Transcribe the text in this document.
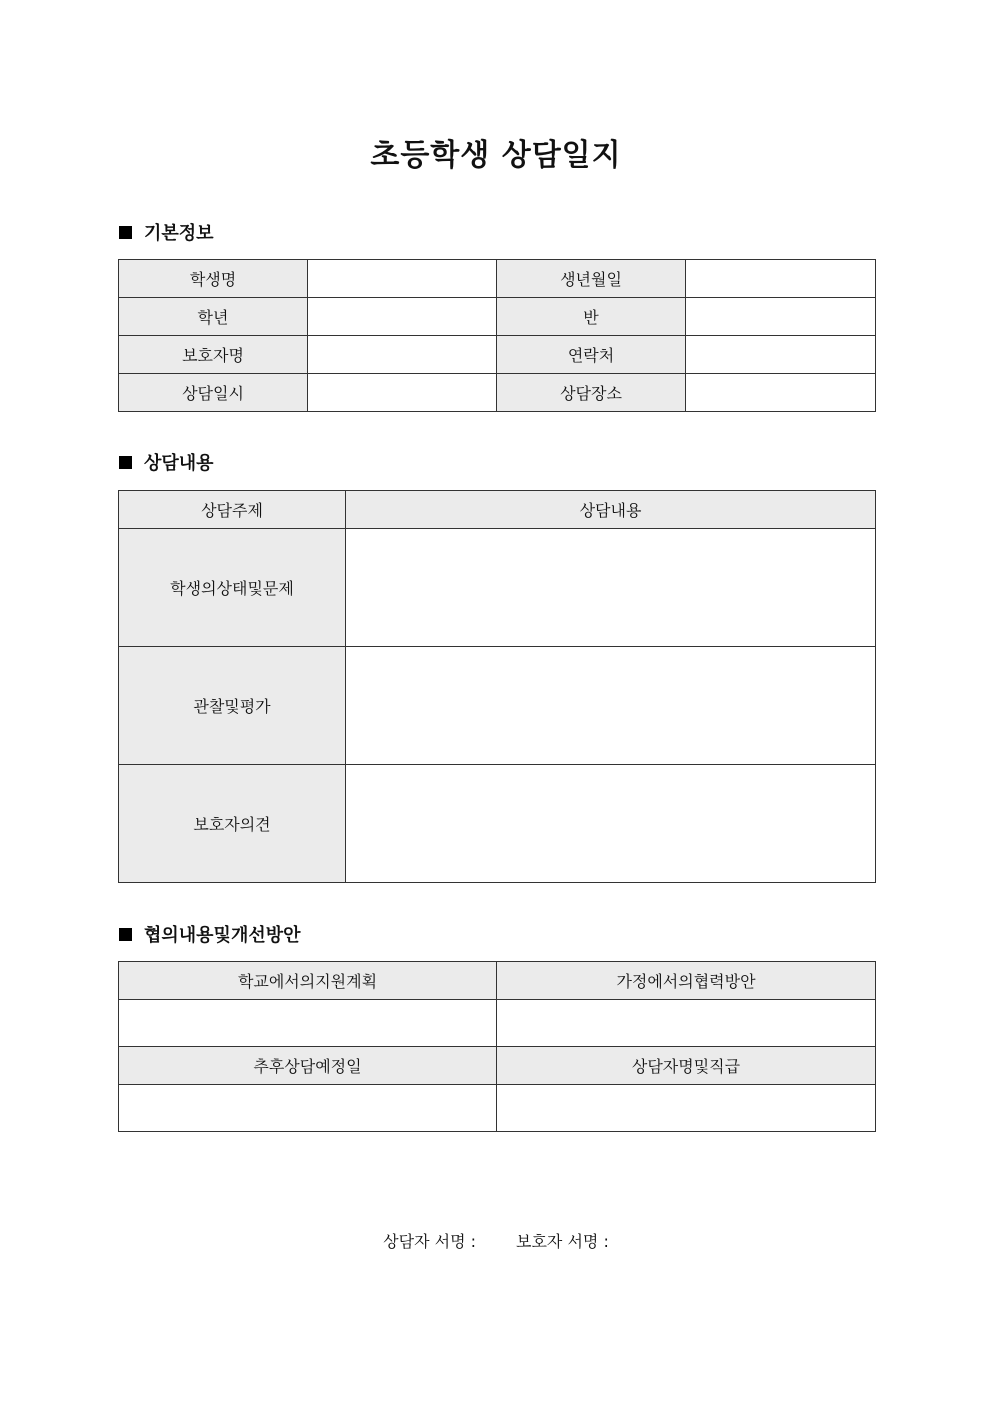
초등학생 상담일지
기본정보
학생명		생년월일	
학년		반	
보호자명		연락처	
상담일시		상담장소	
상담내용
상담주제	상담내용
학생의상태및문제	
관찰및평가	
보호자의견	
협의내용및개선방안
학교에서의지원계획	가정에서의협력방안

추후상담예정일	상담자명및직급

상담자 서명 :	보호자 서명 :
